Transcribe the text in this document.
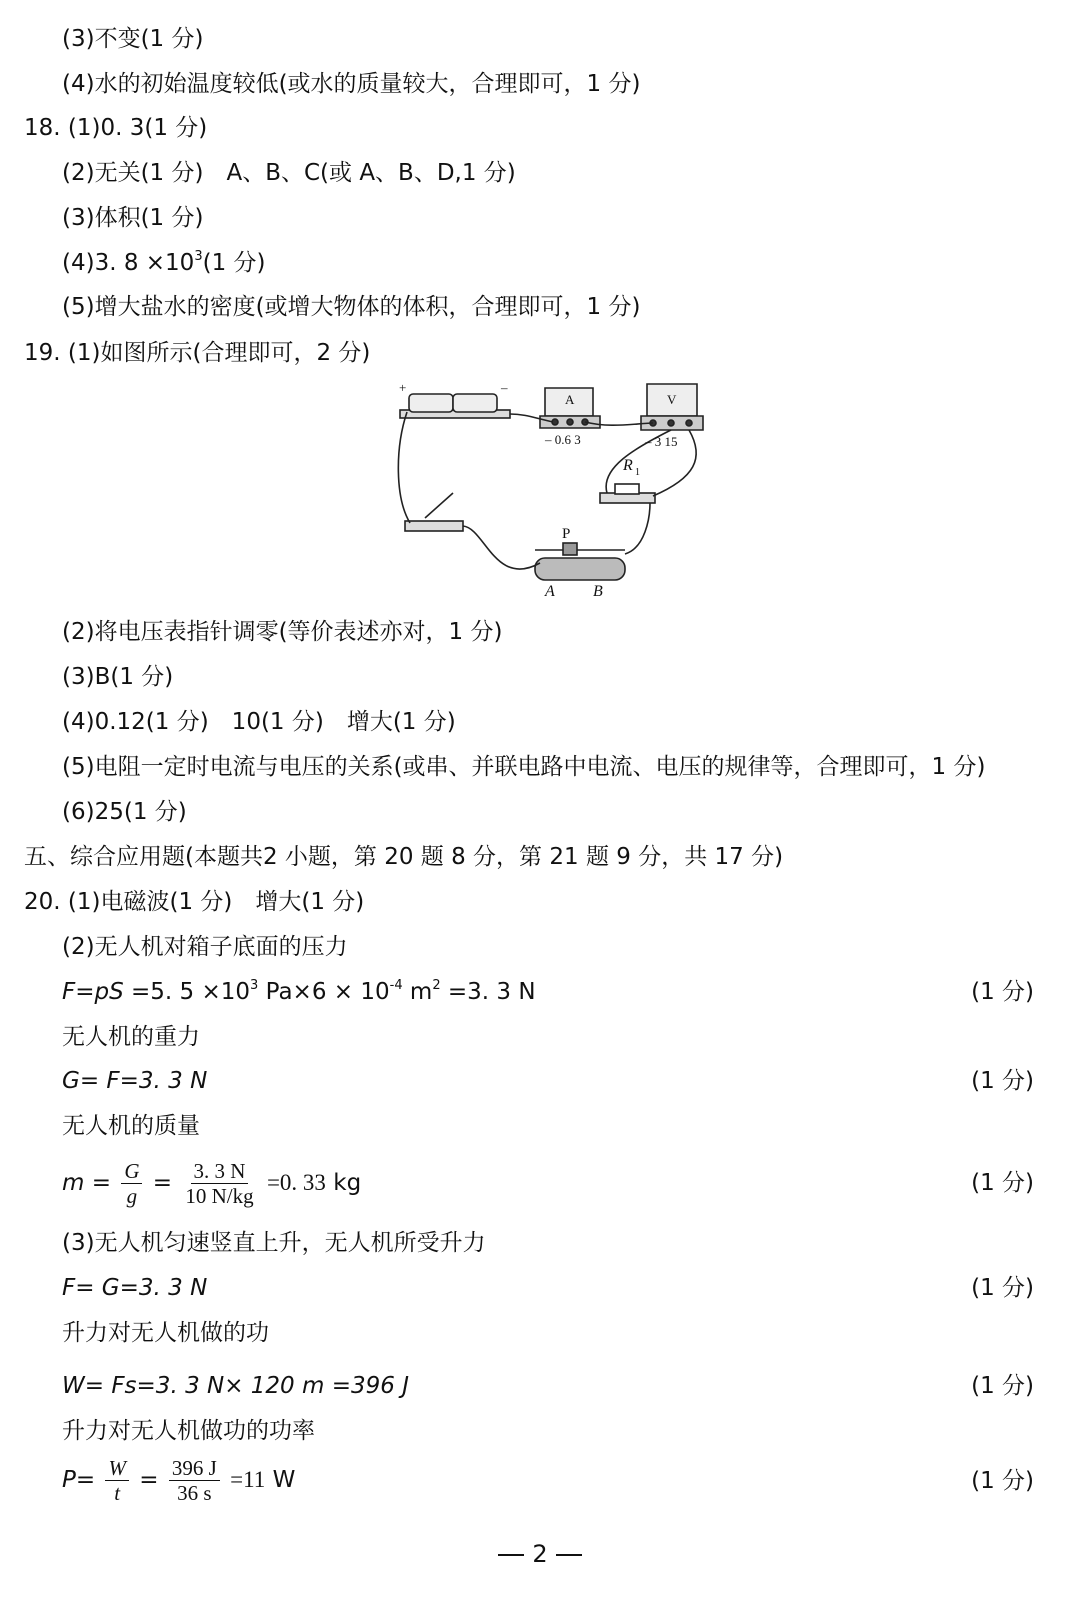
(3)不变(1 分)
(4)水的初始温度较低(或水的质量较大，合理即可，1 分)
18. (1)0. 3(1 分)
(2)无关(1 分)　A、B、C(或 A、B、D,1 分)
(3)体积(1 分)
(4)3. $8 \times 10^3(1$ 分)
(5)增大盐水的密度(或增大物体的体积，合理即可，1 分)
19. (1)如图所示(合理即可，2 分)
+	–
A
– 0.6 3
V
– 3 15
R 1
P
A B
(2)将电压表指针调零(等价表述亦对，1 分)
(3)B(1 分)
(4)0.12(1 分)　10(1 分)　增大(1 分)
(5)电阻一定时电流与电压的关系(或串、并联电路中电流、电压的规律等，合理即可，1 分)
(6)25(1 分)
五、综合应用题(本题共2 小题，第 20 题 8 分，第 21 题 9 分，共 17 分)
20. (1)电磁波(1 分)　增大(1 分)
(2)无人机对箱子底面的压力
F=pS =5. $5 \times 10^3$ $Pa\times 6 \times 10^{-4}$ $m^2 =3$. 3 N	(1 分)
无人机的重力
G= F=3. 3 N	(1 分)
无人机的质量
$m = \frac{G}{g} = \frac{3. 3 N}{10 N/kg} =0$. 33 kg	(1 分)
(3)无人机匀速竖直上升，无人机所受升力
F= G=3. 3 N	(1 分)
升力对无人机做的功
W= Fs=3. 3 N× 120 m =396 J	(1 分)
升力对无人机做功的功率
$P= \frac{W}{t} = \frac{396 J}{36 s} =11$ W	(1 分)
2
